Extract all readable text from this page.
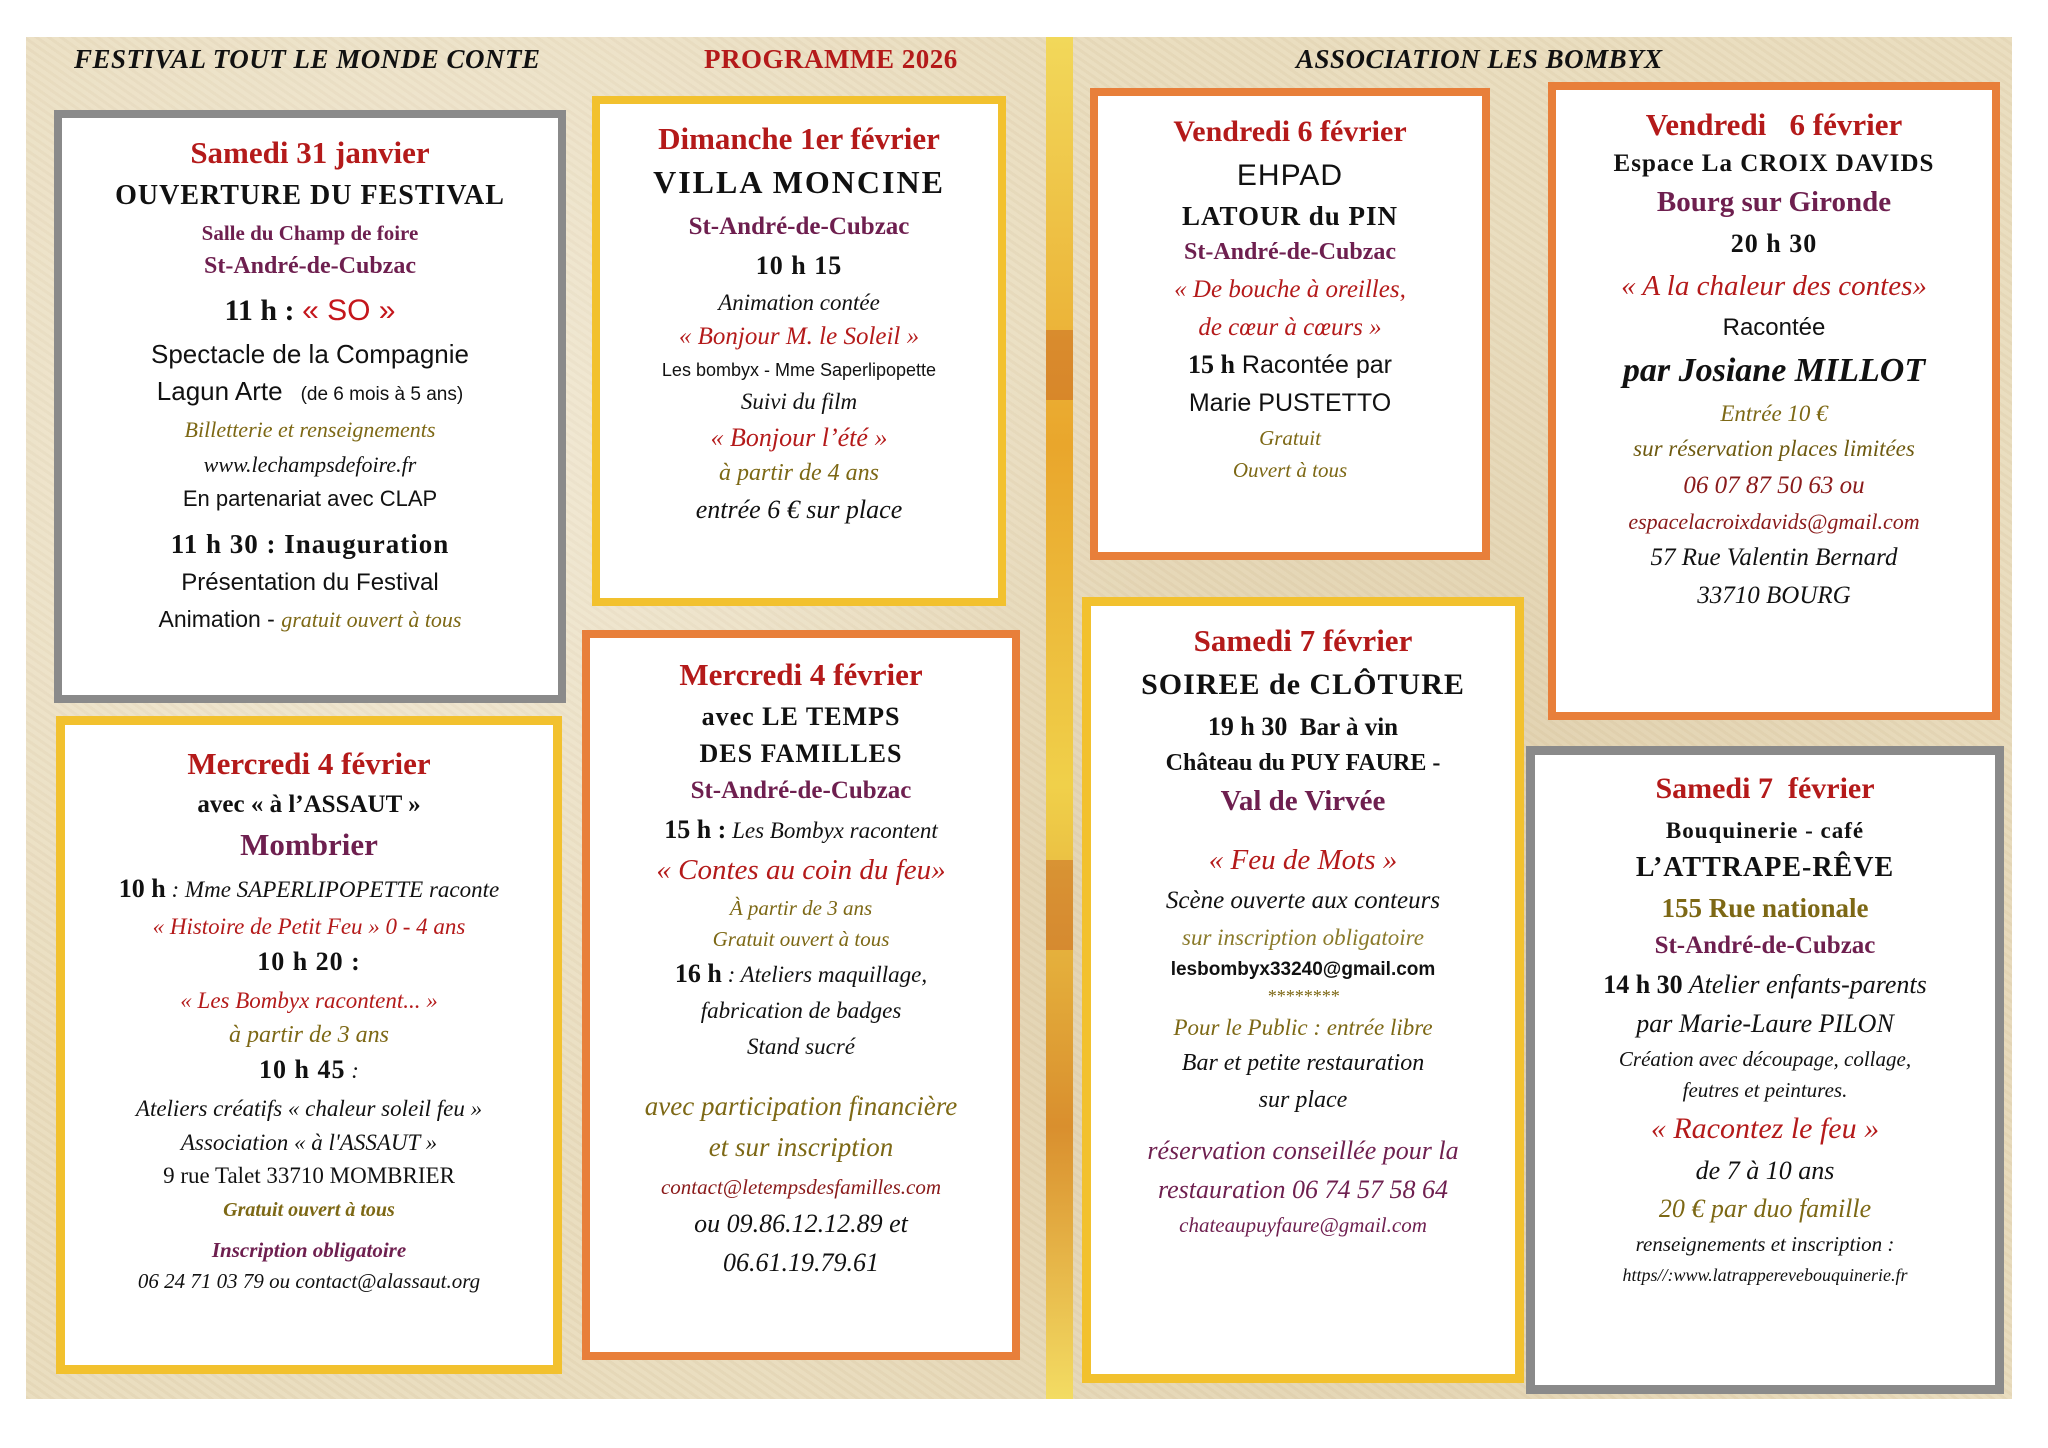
FESTIVAL TOUT LE MONDE CONTE	PROGRAMME 2026	ASSOCIATION LES BOMBYX
Samedi 31 janvier
OUVERTURE DU FESTIVAL
Salle du Champ de foire
St-André-de-Cubzac
11 h : « SO »
Spectacle de la Compagnie
Lagun Arte (de 6 mois à 5 ans)
Billetterie et renseignements
www.lechampsdefoire.fr
En partenariat avec CLAP
11 h 30 : Inauguration
Présentation du Festival
Animation - gratuit ouvert à tous
Dimanche 1er février
VILLA MONCINE
St-André-de-Cubzac
10 h 15
Animation contée
« Bonjour M. le Soleil »
Les bombyx - Mme Saperlipopette
Suivi du film
« Bonjour l’été »
à partir de 4 ans
entrée 6 € sur place
Mercredi 4 février
avec « à l’ASSAUT »
Mombrier
10 h : Mme SAPERLIPOPETTE raconte
« Histoire de Petit Feu » 0 - 4 ans
10 h 20 :
« Les Bombyx racontent... »
à partir de 3 ans
10 h 45 :
Ateliers créatifs « chaleur soleil feu »
Association « à l'ASSAUT »
9 rue Talet 33710 MOMBRIER
Gratuit ouvert à tous
Inscription obligatoire
06 24 71 03 79 ou contact@alassaut.org
Mercredi 4 février
avec LE TEMPS
DES FAMILLES
St-André-de-Cubzac
15 h : Les Bombyx racontent
« Contes au coin du feu»
À partir de 3 ans
Gratuit ouvert à tous
16 h : Ateliers maquillage,
fabrication de badges
Stand sucré
avec participation financière
et sur inscription
contact@letempsdesfamilles.com
ou 09.86.12.12.89 et
06.61.19.79.61
Vendredi 6 février
EHPAD
LATOUR du PIN
St-André-de-Cubzac
« De bouche à oreilles,
de cœur à cœurs »
15 h Racontée par
Marie PUSTETTO
Gratuit
Ouvert à tous
Vendredi   6 février
Espace La CROIX DAVIDS
Bourg sur Gironde
20 h 30
« A la chaleur des contes»
Racontée
par Josiane MILLOT
Entrée 10 €
sur réservation places limitées
06 07 87 50 63 ou
espacelacroixdavids@gmail.com
57 Rue Valentin Bernard
33710 BOURG
Samedi 7 février
SOIREE de CLÔTURE
19 h 30  Bar à vin
Château du PUY FAURE -
Val de Virvée
« Feu de Mots »
Scène ouverte aux conteurs
sur inscription obligatoire
lesbombyx33240@gmail.com
********
Pour le Public : entrée libre
Bar et petite restauration
sur place
réservation conseillée pour la
restauration 06 74 57 58 64
chateaupuyfaure@gmail.com
Samedi 7  février
Bouquinerie - café
L’ATTRAPE-RÊVE
155 Rue nationale
St-André-de-Cubzac
14 h 30 Atelier enfants-parents
par Marie-Laure PILON
Création avec découpage, collage,
feutres et peintures.
« Racontez le feu »
de 7 à 10 ans
20 € par duo famille
renseignements et inscription :
https//:www.latrapperevebouquinerie.fr
